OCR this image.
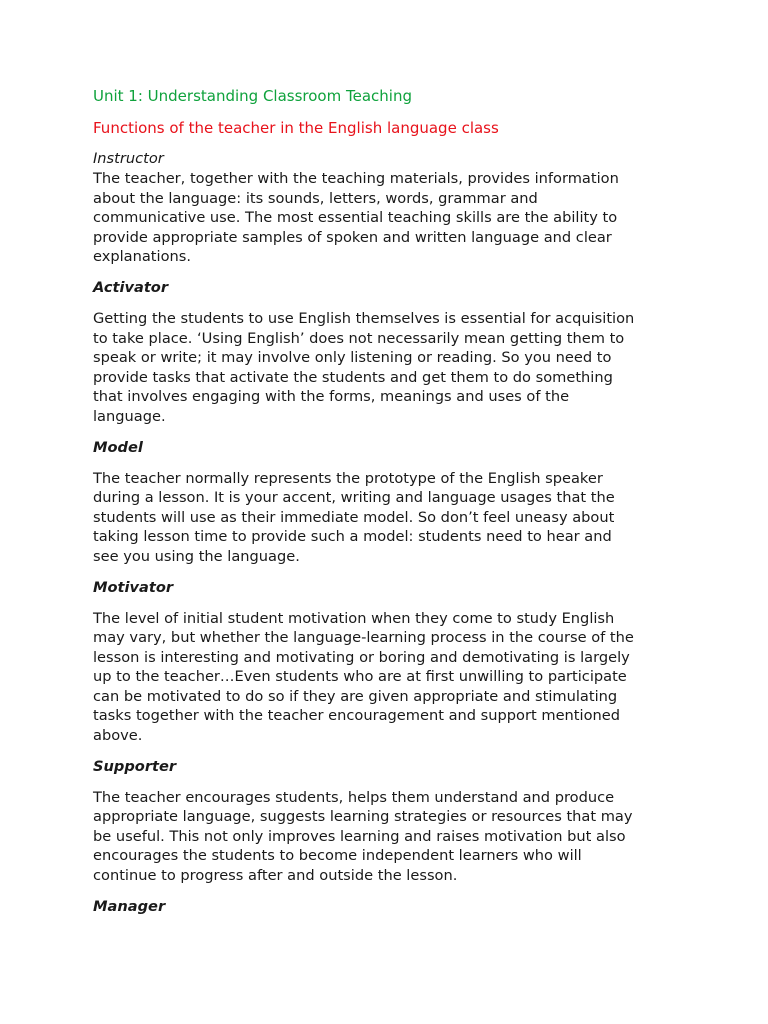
Unit 1: Understanding Classroom Teaching
Functions of the teacher in the English language class
Instructor
The teacher, together with the teaching materials, provides information
about the language: its sounds, letters, words, grammar and
communicative use. The most essential teaching skills are the ability to
provide appropriate samples of spoken and written language and clear
explanations.
Activator
Getting the students to use English themselves is essential for acquisition
to take place. ‘Using English’ does not necessarily mean getting them to
speak or write; it may involve only listening or reading. So you need to
provide tasks that activate the students and get them to do something
that involves engaging with the forms, meanings and uses of the
language.
Model
The teacher normally represents the prototype of the English speaker
during a lesson. It is your accent, writing and language usages that the
students will use as their immediate model. So don’t feel uneasy about
taking lesson time to provide such a model: students need to hear and
see you using the language.
Motivator
The level of initial student motivation when they come to study English
may vary, but whether the language-learning process in the course of the
lesson is interesting and motivating or boring and demotivating is largely
up to the teacher…Even students who are at first unwilling to participate
can be motivated to do so if they are given appropriate and stimulating
tasks together with the teacher encouragement and support mentioned
above.
Supporter
The teacher encourages students, helps them understand and produce
appropriate language, suggests learning strategies or resources that may
be useful. This not only improves learning and raises motivation but also
encourages the students to become independent learners who will
continue to progress after and outside the lesson.
Manager
